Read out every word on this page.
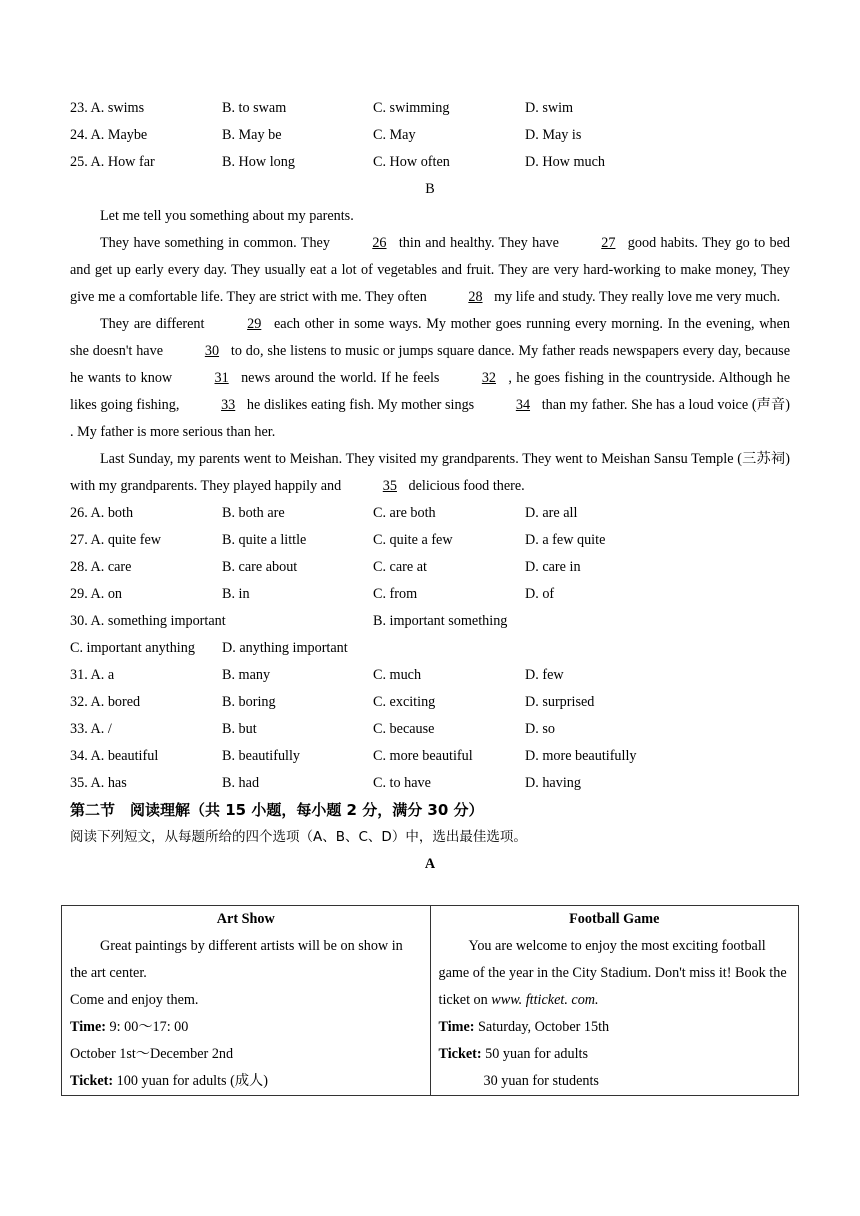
23. A. swims	B. to swam	C. swimming	D. swim
24. A. Maybe	B. May be	C. May	D. May is
25. A. How far	B. How long	C. How often	D. How much
B

Let me tell you something about my parents.

They have something in common. They	26 thin and healthy. They have	27 good habits. They go to bed and get up early every day. They usually eat a lot of vegetables and fruit. They are very hard-working to make money, They give me a comfortable life. They are strict with me. They often	28 my life and study. They really love me very much.

They are different	29 each other in some ways. My mother goes running every morning. In the evening, when she doesn't have	30 to do, she listens to music or jumps square dance. My father reads newspapers every day, because he wants to know	31 news around the world. If he feels	32 , he goes fishing in the countryside. Although he likes going fishing,	33 he dislikes eating fish. My mother sings	34 than my father. She has a loud voice (声音) . My father is more serious than her.

Last Sunday, my parents went to Meishan. They visited my grandparents. They went to Meishan Sansu Temple (三苏祠) with my grandparents. They played happily and	35 delicious food there.

26. A. both	B. both are	C. are both	D. are all
27. A. quite few	B. quite a little	C. quite a few	D. a few quite
28. A. care	B. care about	C. care at	D. care in
29. A. on	B. in	C. from	D. of
30. A. something important	B. important something
C. important anything D. anything important
31. A. a	B. many	C. much	D. few
32. A. bored	B. boring	C. exciting	D. surprised
33. A. /	B. but	C. because	D. so
34. A. beautiful	B. beautifully	C. more beautiful	D. more beautifully
35. A. has	B. had	C. to have	D. having
第二节　阅读理解（共 15 小题，每小题 2 分，满分 30 分）
阅读下列短文，从每题所给的四个选项（A、B、C、D）中，选出最佳选项。
A
Art Show
Great paintings by different artists will be on show in the art center.
Come and enjoy them.
Time: 9: 00～17: 00
October 1st～December 2nd
Ticket: 100 yuan for adults (成人)

Football Game
You are welcome to enjoy the most exciting football game of the year in the City Stadium. Don't miss it! Book the ticket on www. ftticket. com.
Time: Saturday, October 15th
Ticket: 50 yuan for adults
30 yuan for students
